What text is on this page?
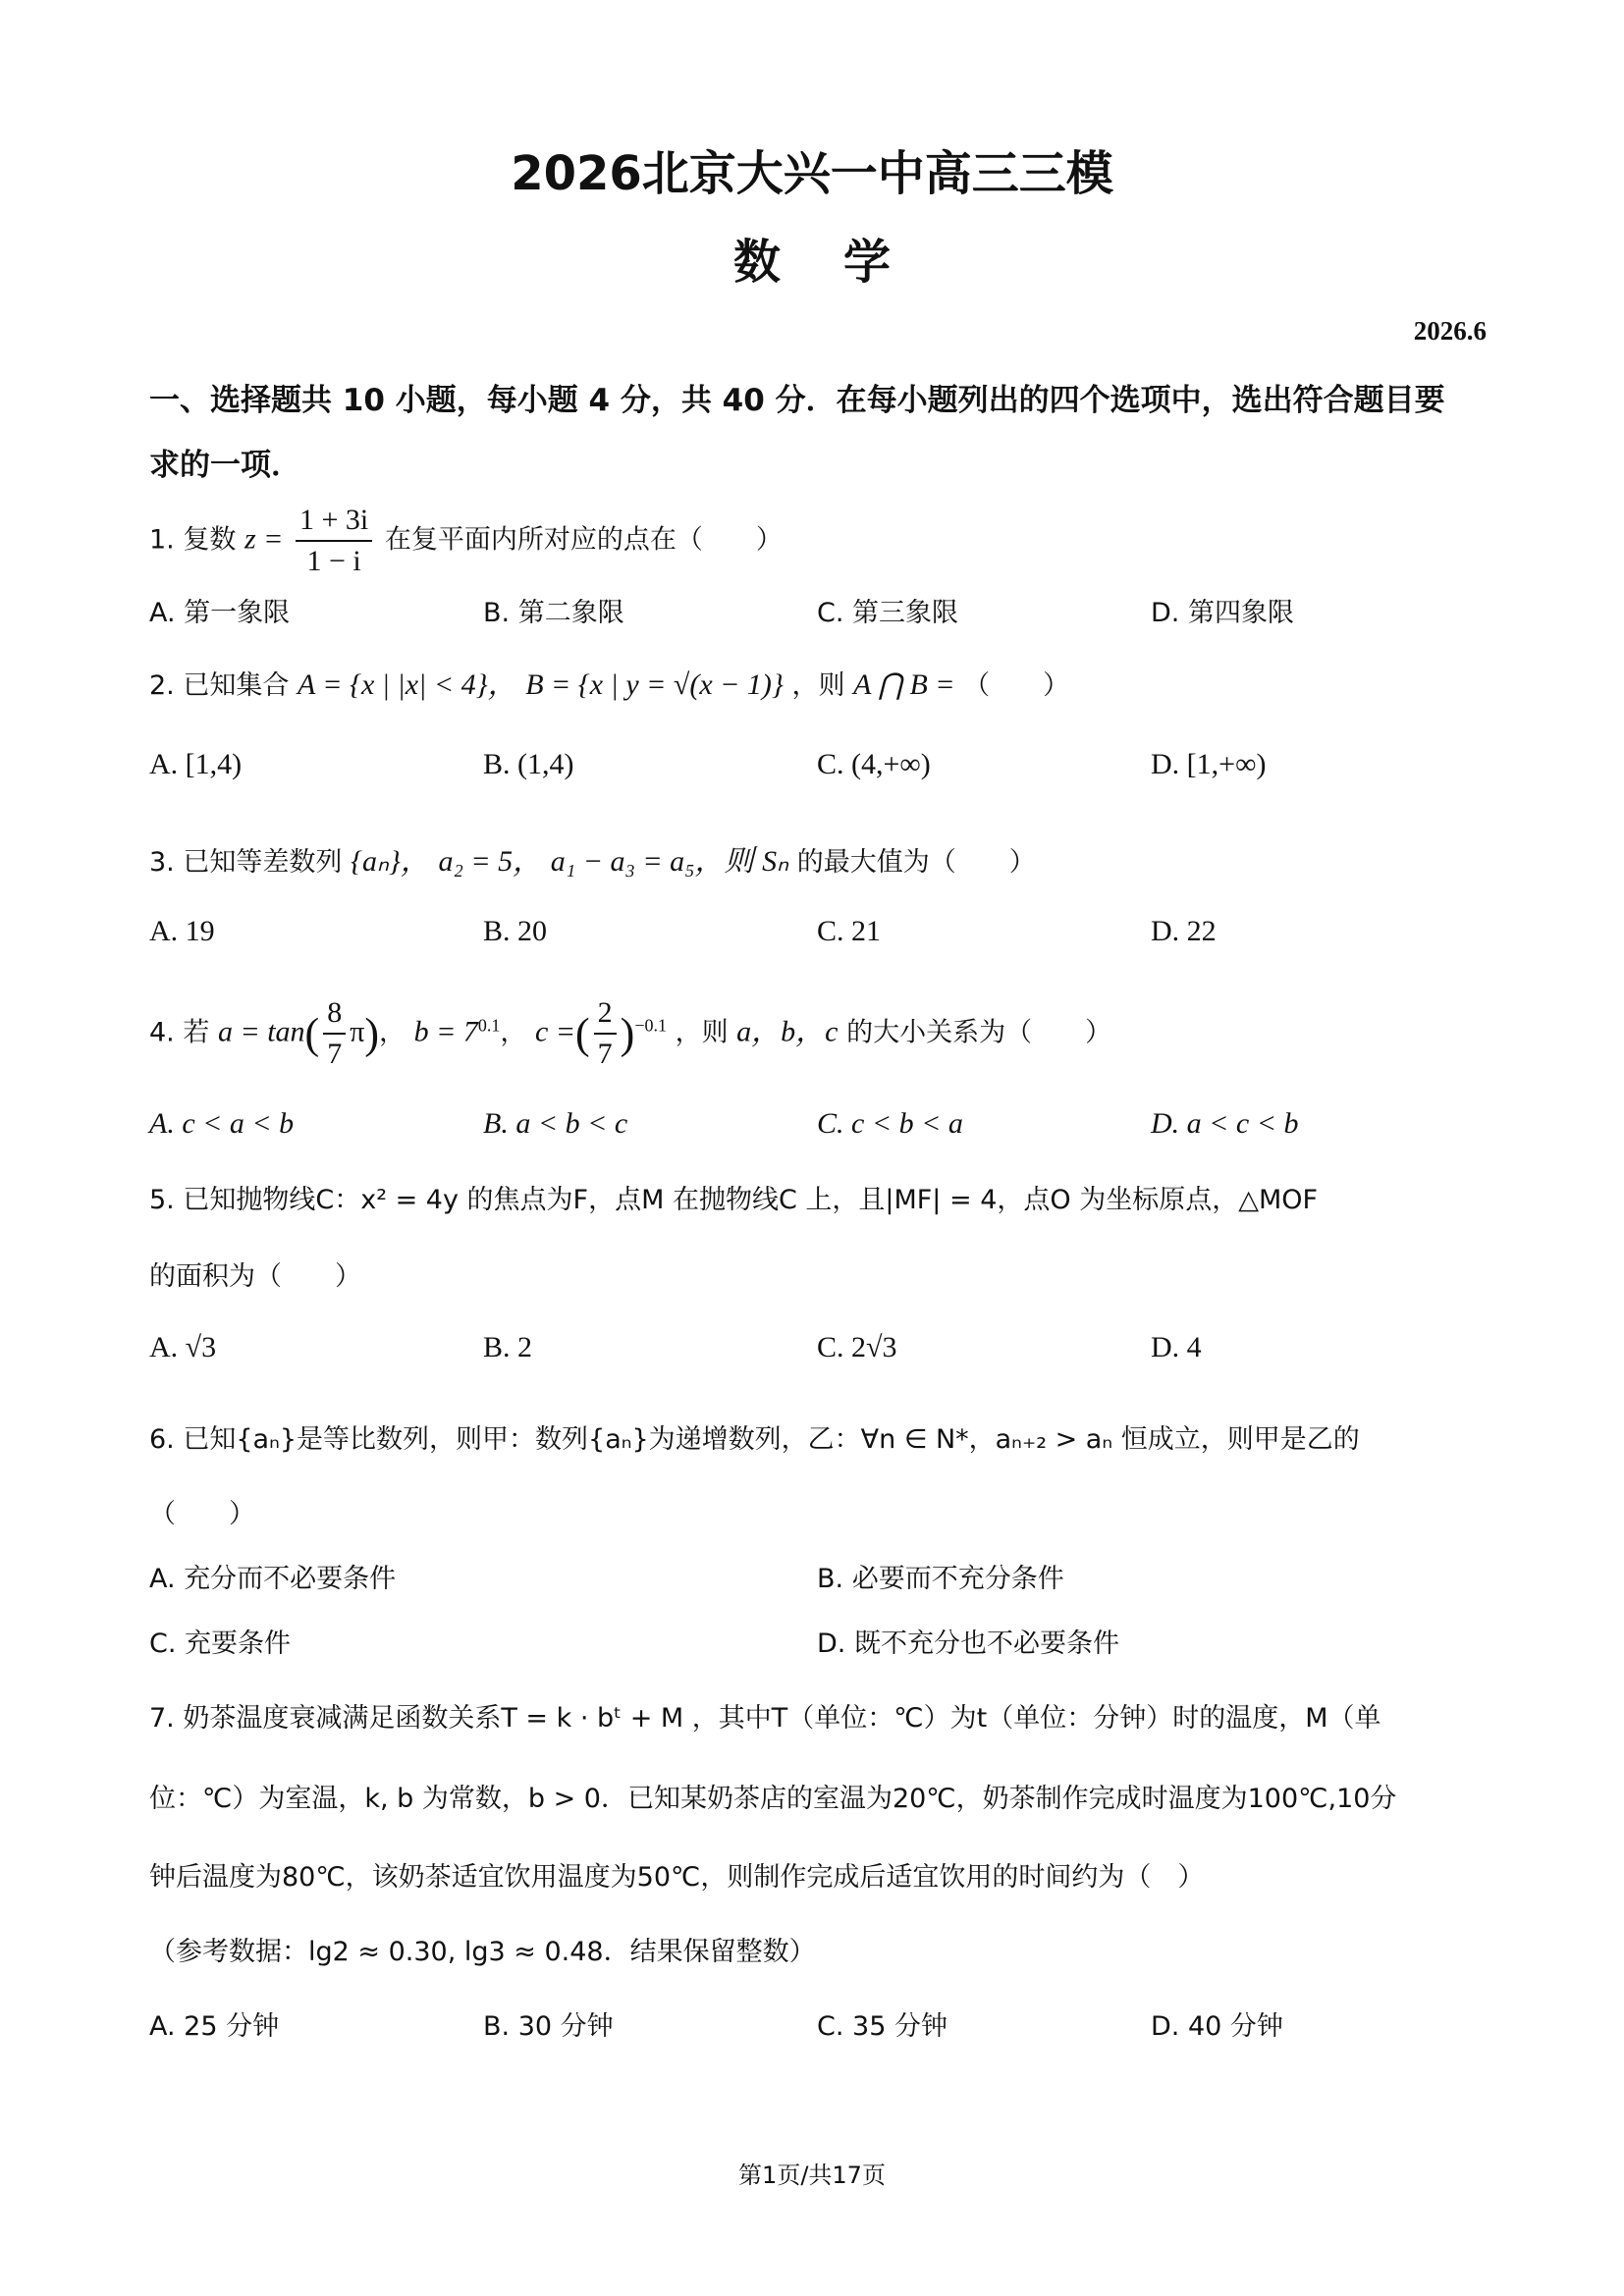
2026北京大兴一中高三三模
数学
2026.6
一、选择题共 10 小题，每小题 4 分，共 40 分．在每小题列出的四个选项中，选出符合题目要
求的一项．
1. 复数 $z = \frac{1 + 3i}{1 - i}$ 在复平面内所对应的点在（　　）
A. 第一象限	B. 第二象限	C. 第三象限	D. 第四象限
2. 已知集合 A = {x | |x| < 4}， B = {x | y = √(x − 1)} ，则 A ⋂ B = （　　）
A. [1,4)	B. (1,4)	C. (4,+∞)	D. [1,+∞)
3. 已知等差数列 {aₙ}， a₂ = 5， a₁ − a₃ = a₅，则 Sₙ 的最大值为（　　）
A. 19	B. 20	C. 21	D. 22
4. 若 $a = \tan( \frac{8}{7} \pi)$， $b = 7^{0.1}$， c =( $\frac{2}{7} )^{-0.1}$ ，则 a，b，c 的大小关系为（　　）
A. c < a < b	B. a < b < c	C. c < b < a	D. a < c < b
5. 已知抛物线C：x² = 4y 的焦点为F，点M 在抛物线C 上，且|MF| = 4，点O 为坐标原点，△MOF
的面积为（　　）
A. √3	B. 2	C. 2√3	D. 4
6. 已知{aₙ}是等比数列，则甲：数列{aₙ}为递增数列，乙：∀n ∈ N*，aₙ₊₂ > aₙ 恒成立，则甲是乙的
（　　）
A. 充分而不必要条件	B. 必要而不充分条件
C. 充要条件	D. 既不充分也不必要条件
7. 奶茶温度衰减满足函数关系T = k · bᵗ + M ，其中T（单位：℃）为t（单位：分钟）时的温度，M（单
位：℃）为室温，k, b 为常数，b > 0．已知某奶茶店的室温为20℃，奶茶制作完成时温度为100℃,10分
钟后温度为80℃，该奶茶适宜饮用温度为50℃，则制作完成后适宜饮用的时间约为（　）
（参考数据：lg2 ≈ 0.30, lg3 ≈ 0.48．结果保留整数）
A. 25 分钟	B. 30 分钟	C. 35 分钟	D. 40 分钟
第1页/共17页
